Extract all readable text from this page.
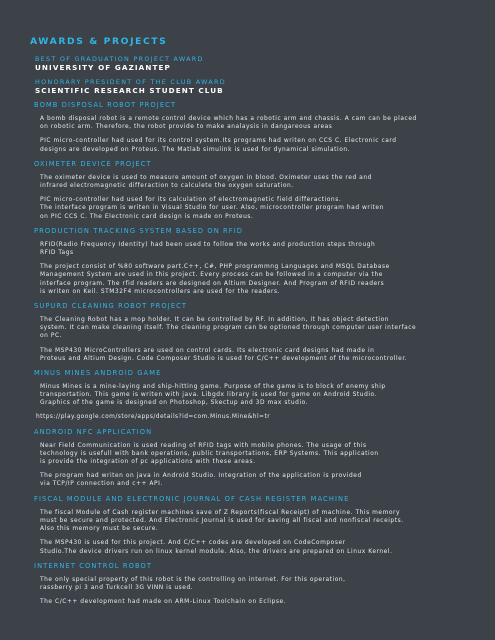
AWARDS & PROJECTS
BEST OF GRADUATION PROJECT AWARD
UNIVERSITY OF GAZIANTEP
HONORARY PRESIDENT OF THE CLUB AWARD
SCIENTIFIC RESEARCH STUDENT CLUB
BOMB DISPOSAL ROBOT PROJECT
A bomb disposal robot is a remote control device which has a robotic arm and chassis. A cam can be placed
on robotic arm. Therefore, the robot provide to make analaysis in dangareous areas
PIC micro-controller had used for its control system.Its programs had writen on CCS C. Electronic card
designs are developed on Proteus. The Matlab simulink is used for dynamical simulation.
OXIMETER DEVICE PROJECT
The oximeter device is used to measure amount of oxygen in blood. Oximeter uses the red and
infrared electromagnetic differaction to calculete the oxygen saturation.
PIC micro-controller had used for its calculation of electromagnetic field differactions.
The interface program is writen in Visual Studio for user. Also, microcontroller program had writen
on PIC CCS C. The Electronic card design is made on Proteus.
PRODUCTION TRACKING SYSTEM BASED ON RFID
RFID(Radio Frequency Identity) had been used to follow the works and production steps through
RFID Tags
The project consist of %80 software part.C++, C#, PHP programmng Languages and MSQL Database
Management System are used in this project. Every process can be followed in a computer via the
interface program. The rfid readers are designed on Altium Designer. And Program of RFID readers
is writen on Keil. STM32F4 microcontrollers are used for the readers.
SUPURD CLEANING ROBOT PROJECT
The Cleaning Robot has a mop holder. It can be controlled by RF. In addition, it has object detection
system. It can make cleaning itself. The cleaning program can be optioned through computer user interface
on PC.
The MSP430 MicroControllers are used on control cards. Its electronic card designs had made in
Proteus and Altium Design. Code Composer Studio is used for C/C++ development of the microcontroller.
MINUS MINES ANDROID GAME
Minus Mines is a mine-laying and ship-hitting game. Purpose of the game is to block of enemy ship
transportation. This game is writen with java. Libgdx library is used for game on Android Studio.
Graphics of the game is designed on Photoshop, Skectup and 3D max studio.
https://play.google.com/store/apps/details?id=com.Minus.Mine&hl=tr
ANDROID NFC APPLICATION
Near Field Communication is used reading of RFID tags with mobile phones. The usage of this
technology is usefull with bank operations, public transportations, ERP Systems. This application
is provide the integration of pc applications with these areas.
The program had writen on java in Android Studio. Integration of the application is provided
via TCP/IP connection and c++ API.
FISCAL MODULE AND ELECTRONIC JOURNAL OF CASH REGISTER MACHINE
The fiscal Module of Cash register machines save of Z Reports(fiscal Receipt) of machine. This memory
must be secure and protected. And Electronic Journal is used for saving all fiscal and nonfiscal receipts.
Also this memory must be secure.
The MSP430 is used for this project. And C/C++ codes are developed on CodeComposer
Studio.The device drivers run on linux kernel module. Also, the drivers are prepared on Linux Kernel.
INTERNET CONTROL ROBOT
The only special property of this robot is the controlling on internet. For this operation,
rassberry pi 3 and Turkcell 3G VINN is used.
The C/C++ development had made on ARM-Linux Toolchain on Eclipse.
